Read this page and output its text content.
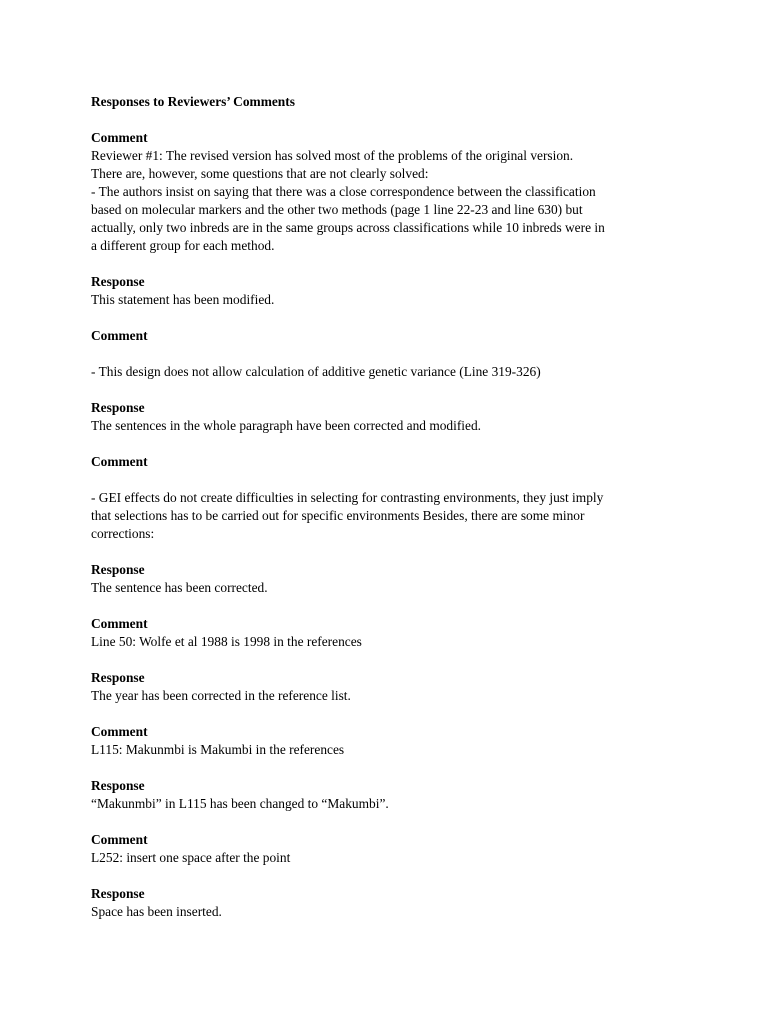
Responses to Reviewers’ Comments

Comment

Reviewer #1: The revised version has solved most of the problems of the original version.

There are, however, some questions that are not clearly solved:

- The authors insist on saying that there was a close correspondence between the classification

based on molecular markers and the other two methods (page 1 line 22-23 and line 630) but

actually, only two inbreds are in the same groups across classifications while 10 inbreds were in

a different group for each method.

Response

This statement has been modified.

Comment

- This design does not allow calculation of additive genetic variance (Line 319-326)

Response

The sentences in the whole paragraph have been corrected and modified.

Comment

- GEI effects do not create difficulties in selecting for contrasting environments, they just imply

that selections has to be carried out for specific environments Besides, there are some minor

corrections:

Response

The sentence has been corrected.

Comment

Line 50: Wolfe et al 1988 is 1998 in the references

Response

The year has been corrected in the reference list.

Comment

L115: Makunmbi is Makumbi in the references

Response

“Makunmbi” in L115 has been changed to “Makumbi”.

Comment

L252: insert one space after the point

Response

Space has been inserted.
